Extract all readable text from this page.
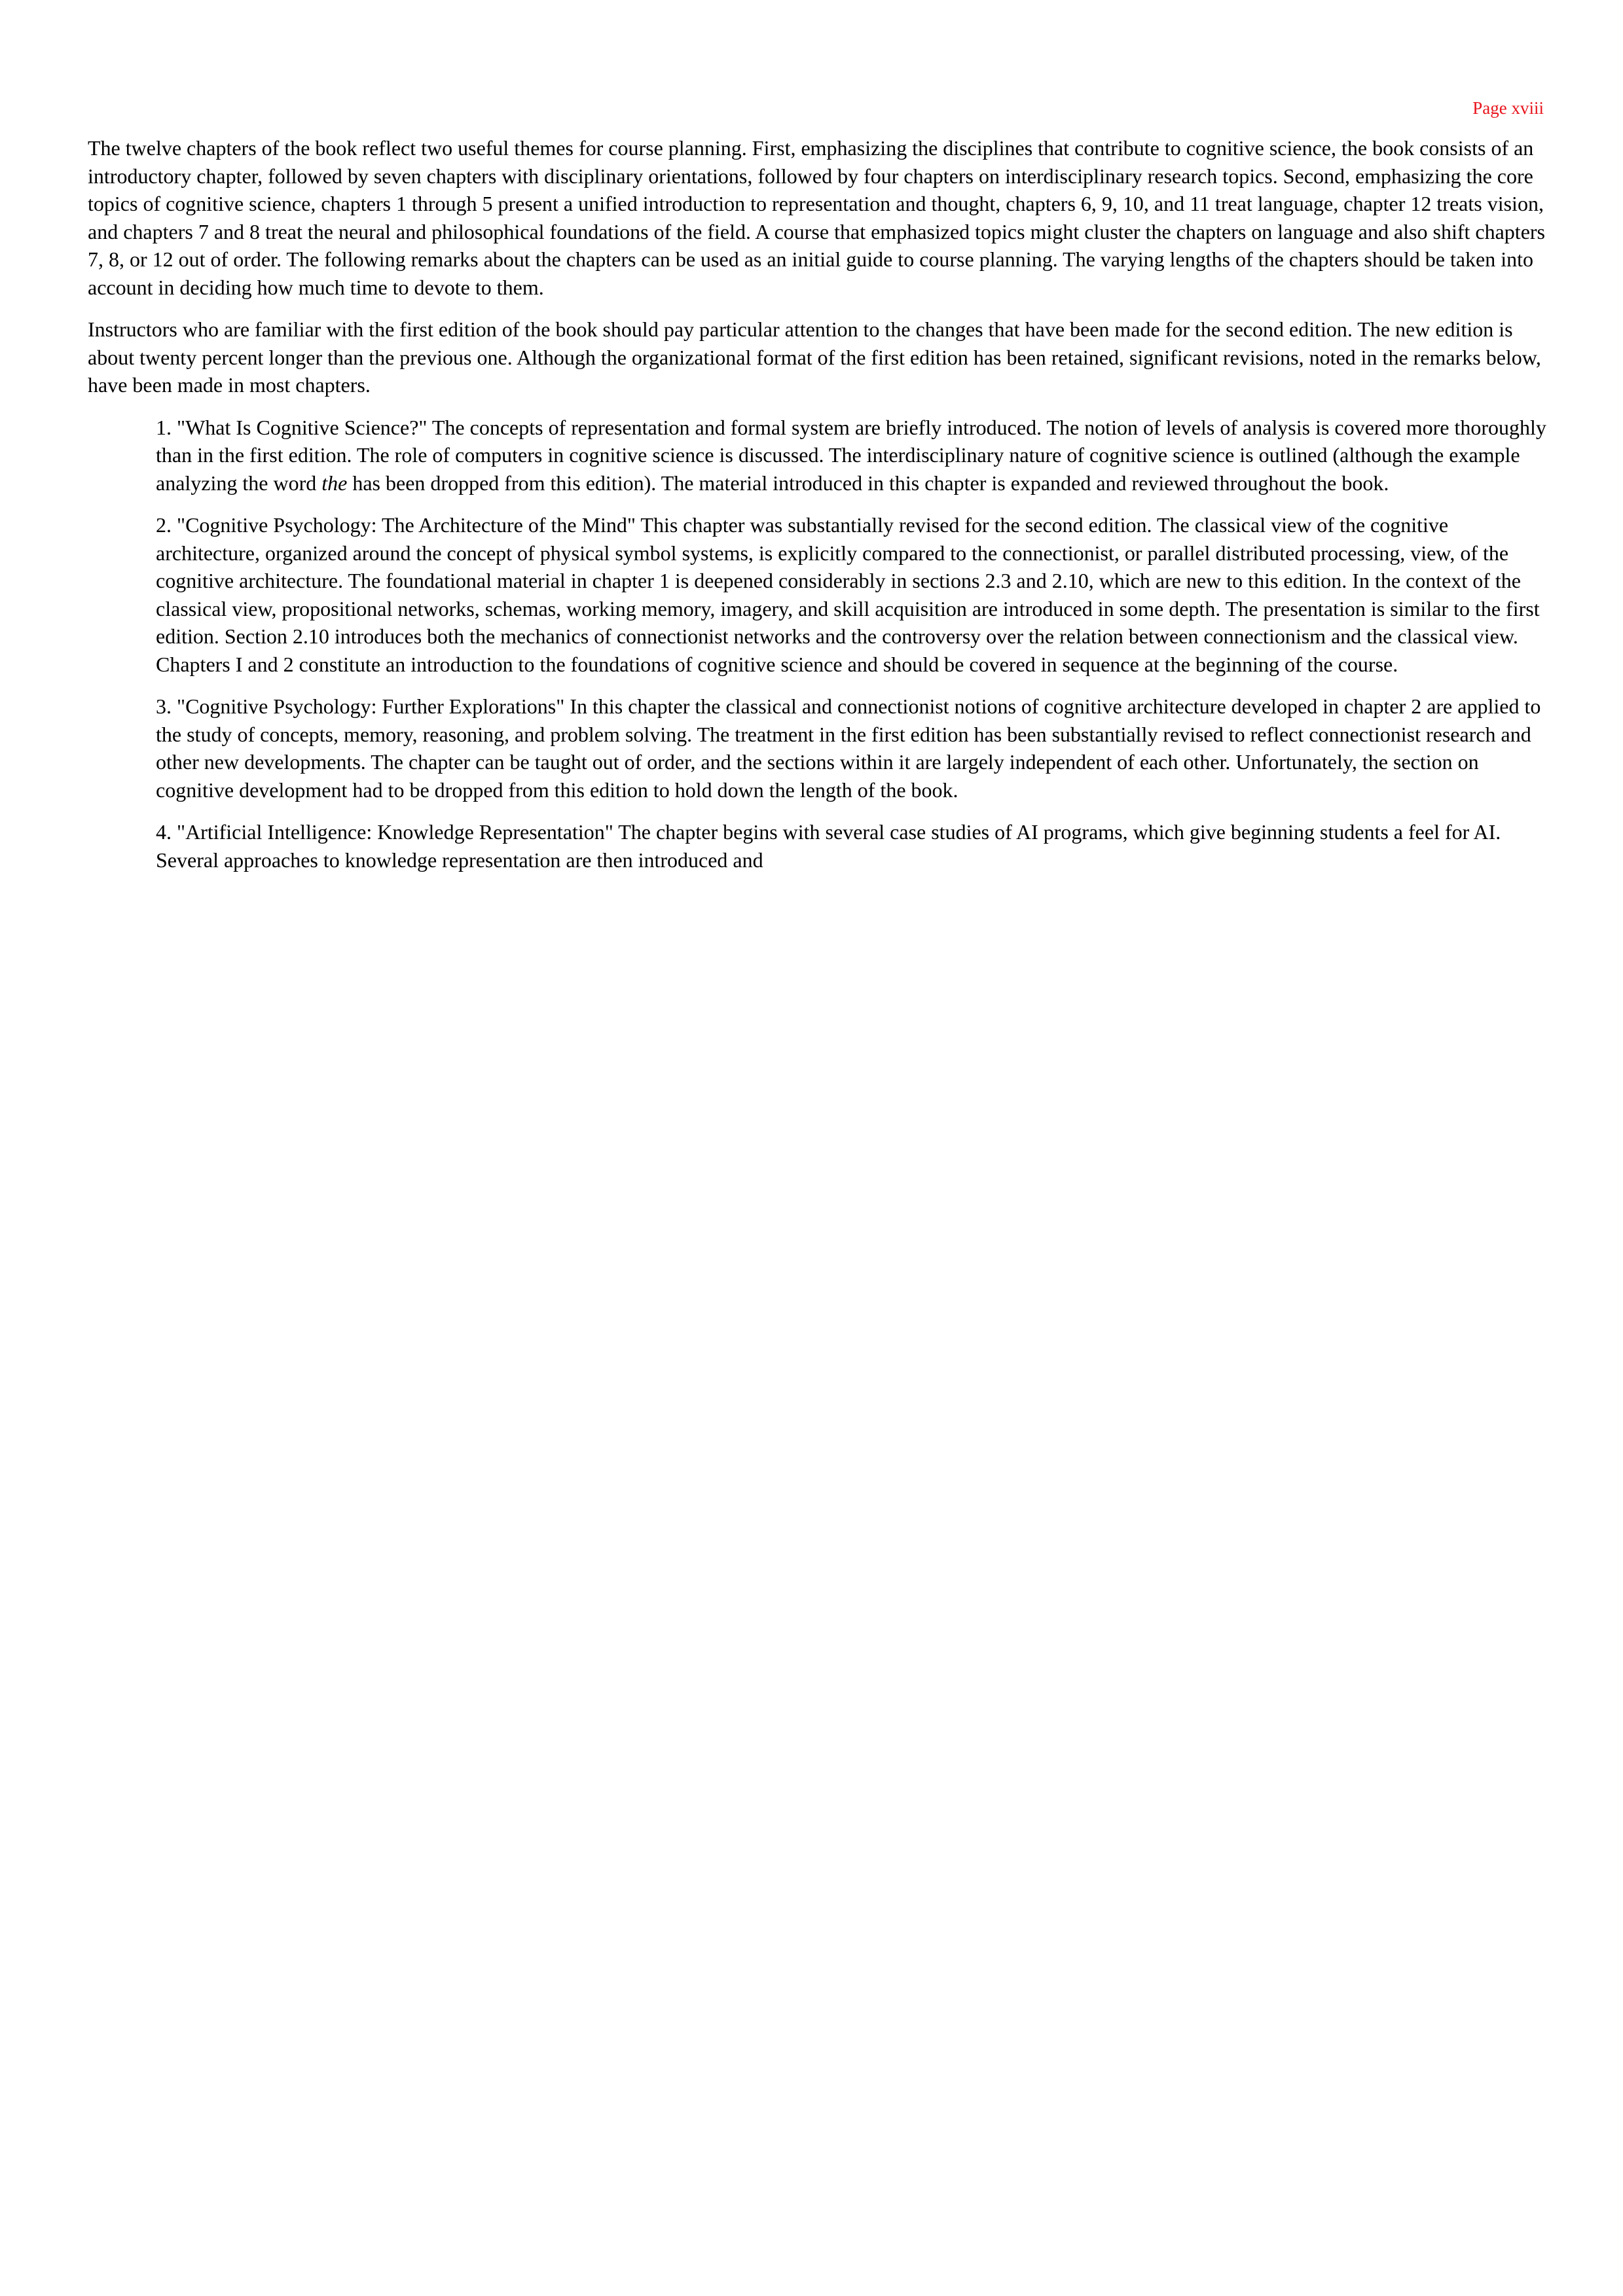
Page xviii

The twelve chapters of the book reflect two useful themes for course planning. First, emphasizing the disciplines that contribute to cognitive science, the book consists of an introductory chapter, followed by seven chapters with disciplinary orientations, followed by four chapters on interdisciplinary research topics. Second, emphasizing the core topics of cognitive science, chapters 1 through 5 present a unified introduction to representation and thought, chapters 6, 9, 10, and 11 treat language, chapter 12 treats vision, and chapters 7 and 8 treat the neural and philosophical foundations of the field. A course that emphasized topics might cluster the chapters on language and also shift chapters 7, 8, or 12 out of order. The following remarks about the chapters can be used as an initial guide to course planning. The varying lengths of the chapters should be taken into account in deciding how much time to devote to them.

Instructors who are familiar with the first edition of the book should pay particular attention to the changes that have been made for the second edition. The new edition is about twenty percent longer than the previous one. Although the organizational format of the first edition has been retained, significant revisions, noted in the remarks below, have been made in most chapters.

1. "What Is Cognitive Science?" The concepts of representation and formal system are briefly introduced. The notion of levels of analysis is covered more thoroughly than in the first edition. The role of computers in cognitive science is discussed. The interdisciplinary nature of cognitive science is outlined (although the example analyzing the word the has been dropped from this edition). The material introduced in this chapter is expanded and reviewed throughout the book.

2. "Cognitive Psychology: The Architecture of the Mind" This chapter was substantially revised for the second edition. The classical view of the cognitive architecture, organized around the concept of physical symbol systems, is explicitly compared to the connectionist, or parallel distributed processing, view, of the cognitive architecture. The foundational material in chapter 1 is deepened considerably in sections 2.3 and 2.10, which are new to this edition. In the context of the classical view, propositional networks, schemas, working memory, imagery, and skill acquisition are introduced in some depth. The presentation is similar to the first edition. Section 2.10 introduces both the mechanics of connectionist networks and the controversy over the relation between connectionism and the classical view. Chapters I and 2 constitute an introduction to the foundations of cognitive science and should be covered in sequence at the beginning of the course.

3. "Cognitive Psychology: Further Explorations" In this chapter the classical and connectionist notions of cognitive architecture developed in chapter 2 are applied to the study of concepts, memory, reasoning, and problem solving. The treatment in the first edition has been substantially revised to reflect connectionist research and other new developments. The chapter can be taught out of order, and the sections within it are largely independent of each other. Unfortunately, the section on cognitive development had to be dropped from this edition to hold down the length of the book.

4. "Artificial Intelligence: Knowledge Representation" The chapter begins with several case studies of AI programs, which give beginning students a feel for AI. Several approaches to knowledge representation are then introduced and
